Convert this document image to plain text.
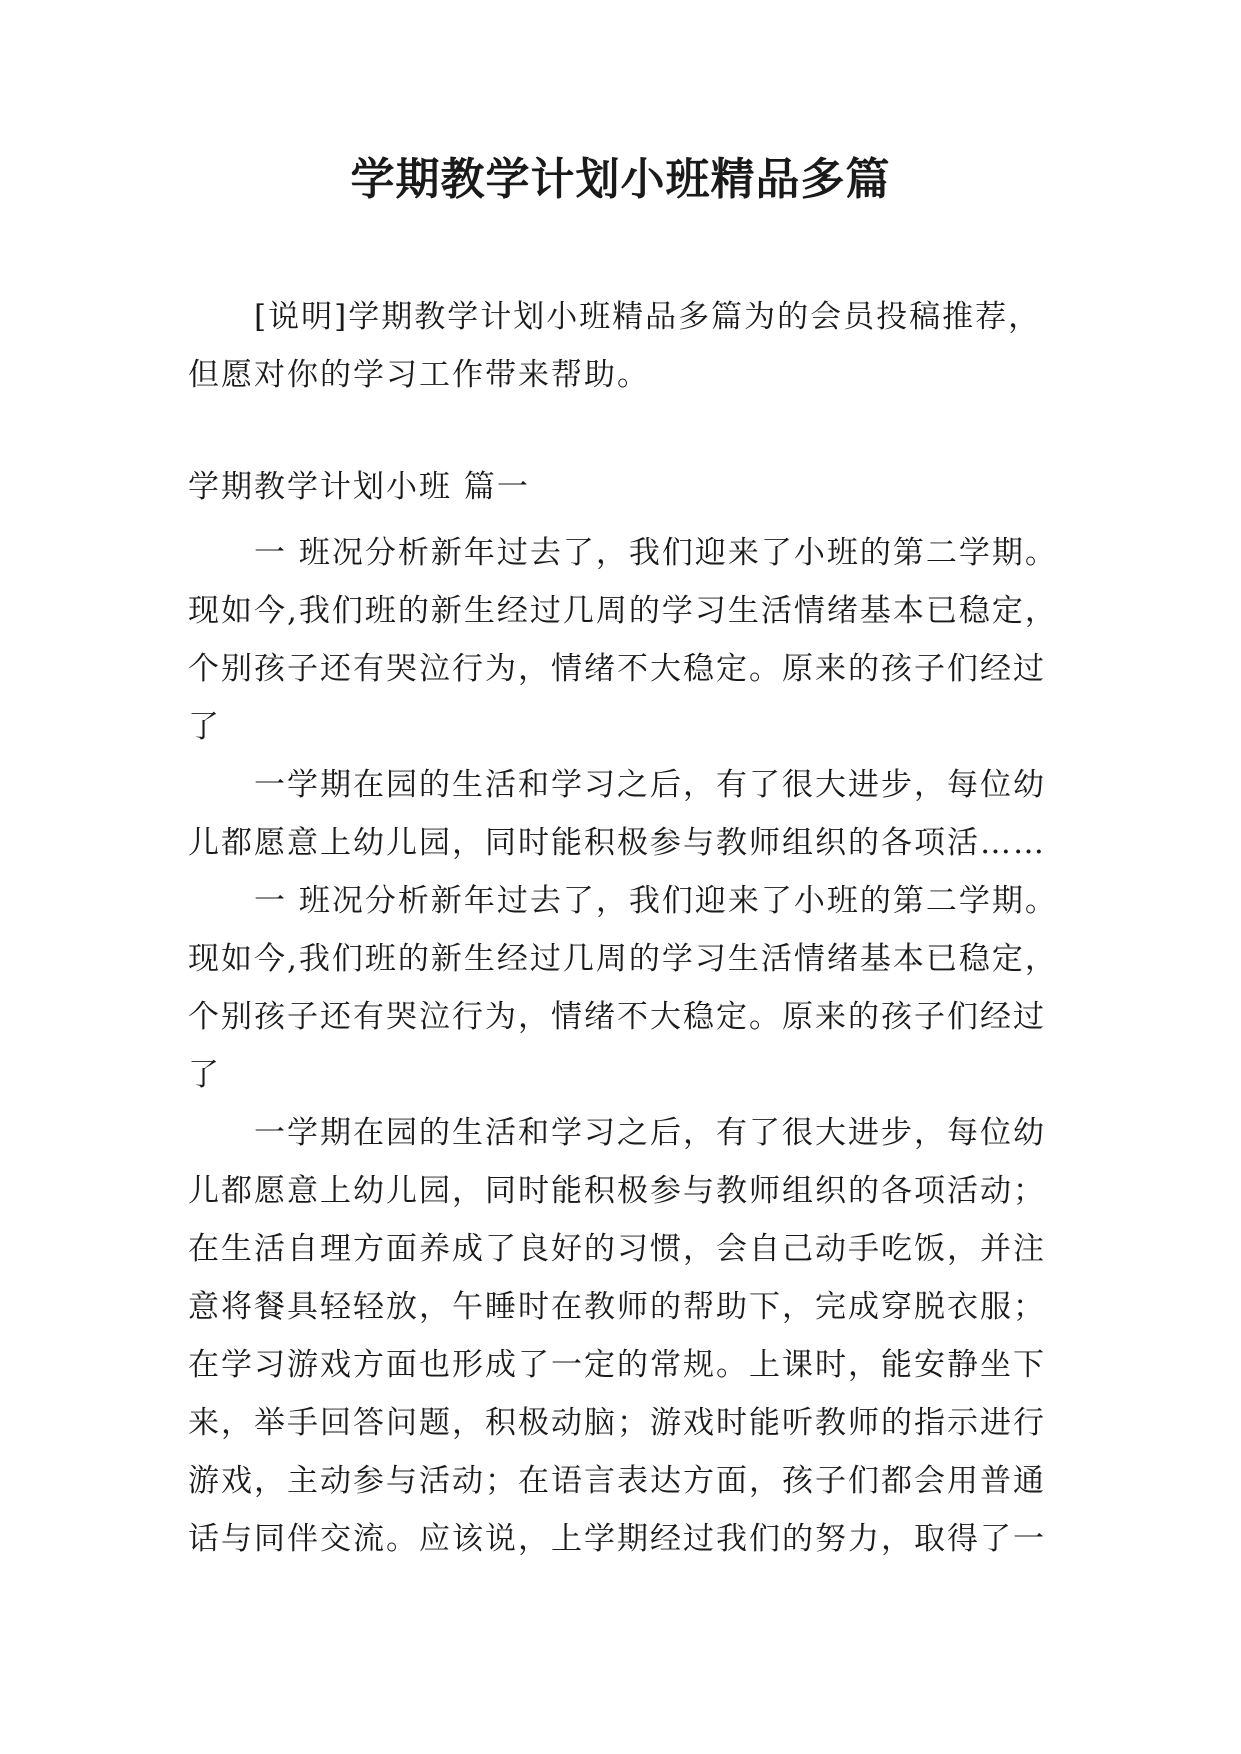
学期教学计划小班精品多篇
[说明]学期教学计划小班精品多篇为的会员投稿推荐，
但愿对你的学习工作带来帮助。
学期教学计划小班 篇一
一 班况分析新年过去了，我们迎来了小班的第二学期。
现如今,我们班的新生经过几周的学习生活情绪基本已稳定，
个别孩子还有哭泣行为，情绪不大稳定。原来的孩子们经过
了
一学期在园的生活和学习之后，有了很大进步，每位幼
儿都愿意上幼儿园，同时能积极参与教师组织的各项活……
一 班况分析新年过去了，我们迎来了小班的第二学期。
现如今,我们班的新生经过几周的学习生活情绪基本已稳定，
个别孩子还有哭泣行为，情绪不大稳定。原来的孩子们经过
了
一学期在园的生活和学习之后，有了很大进步，每位幼
儿都愿意上幼儿园，同时能积极参与教师组织的各项活动；
在生活自理方面养成了良好的习惯，会自己动手吃饭，并注
意将餐具轻轻放，午睡时在教师的帮助下，完成穿脱衣服；
在学习游戏方面也形成了一定的常规。上课时，能安静坐下
来，举手回答问题，积极动脑；游戏时能听教师的指示进行
游戏，主动参与活动；在语言表达方面，孩子们都会用普通
话与同伴交流。应该说，上学期经过我们的努力，取得了一
